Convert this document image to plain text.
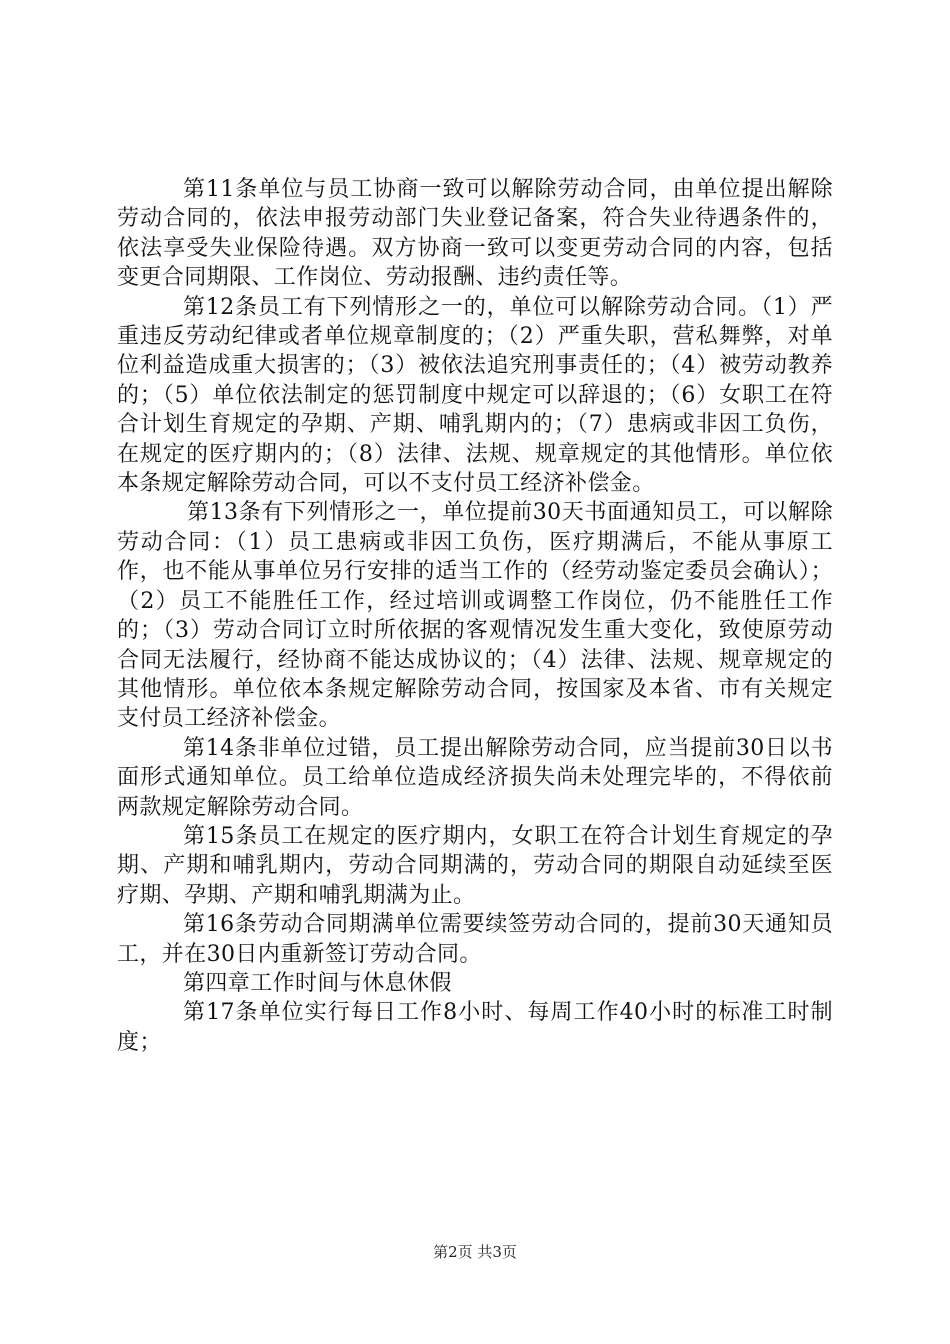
第11条单位与员工协商一致可以解除劳动合同，由单位提出解除劳动合同的，依法申报劳动部门失业登记备案，符合失业待遇条件的，依法享受失业保险待遇。双方协商一致可以变更劳动合同的内容，包括变更合同期限、工作岗位、劳动报酬、违约责任等。

第12条员工有下列情形之一的，单位可以解除劳动合同。（1）严重违反劳动纪律或者单位规章制度的；（2）严重失职，营私舞弊，对单位利益造成重大损害的；（3）被依法追究刑事责任的；（4）被劳动教养的；（5）单位依法制定的惩罚制度中规定可以辞退的；（6）女职工在符合计划生育规定的孕期、产期、哺乳期内的；（7）患病或非因工负伤，在规定的医疗期内的；（8）法律、法规、规章规定的其他情形。单位依本条规定解除劳动合同，可以不支付员工经济补偿金。

第13条有下列情形之一，单位提前30天书面通知员工，可以解除劳动合同：（1）员工患病或非因工负伤，医疗期满后，不能从事原工作，也不能从事单位另行安排的适当工作的（经劳动鉴定委员会确认）；（2）员工不能胜任工作，经过培训或调整工作岗位，仍不能胜任工作的；（3）劳动合同订立时所依据的客观情况发生重大变化，致使原劳动合同无法履行，经协商不能达成协议的；（4）法律、法规、规章规定的其他情形。单位依本条规定解除劳动合同，按国家及本省、市有关规定支付员工经济补偿金。

第14条非单位过错，员工提出解除劳动合同，应当提前30日以书面形式通知单位。员工给单位造成经济损失尚未处理完毕的，不得依前两款规定解除劳动合同。

第15条员工在规定的医疗期内，女职工在符合计划生育规定的孕期、产期和哺乳期内，劳动合同期满的，劳动合同的期限自动延续至医疗期、孕期、产期和哺乳期满为止。

第16条劳动合同期满单位需要续签劳动合同的，提前30天通知员工，并在30日内重新签订劳动合同。

第四章工作时间与休息休假

第17条单位实行每日工作8小时、每周工作40小时的标准工时制度；

第2页 共3页
